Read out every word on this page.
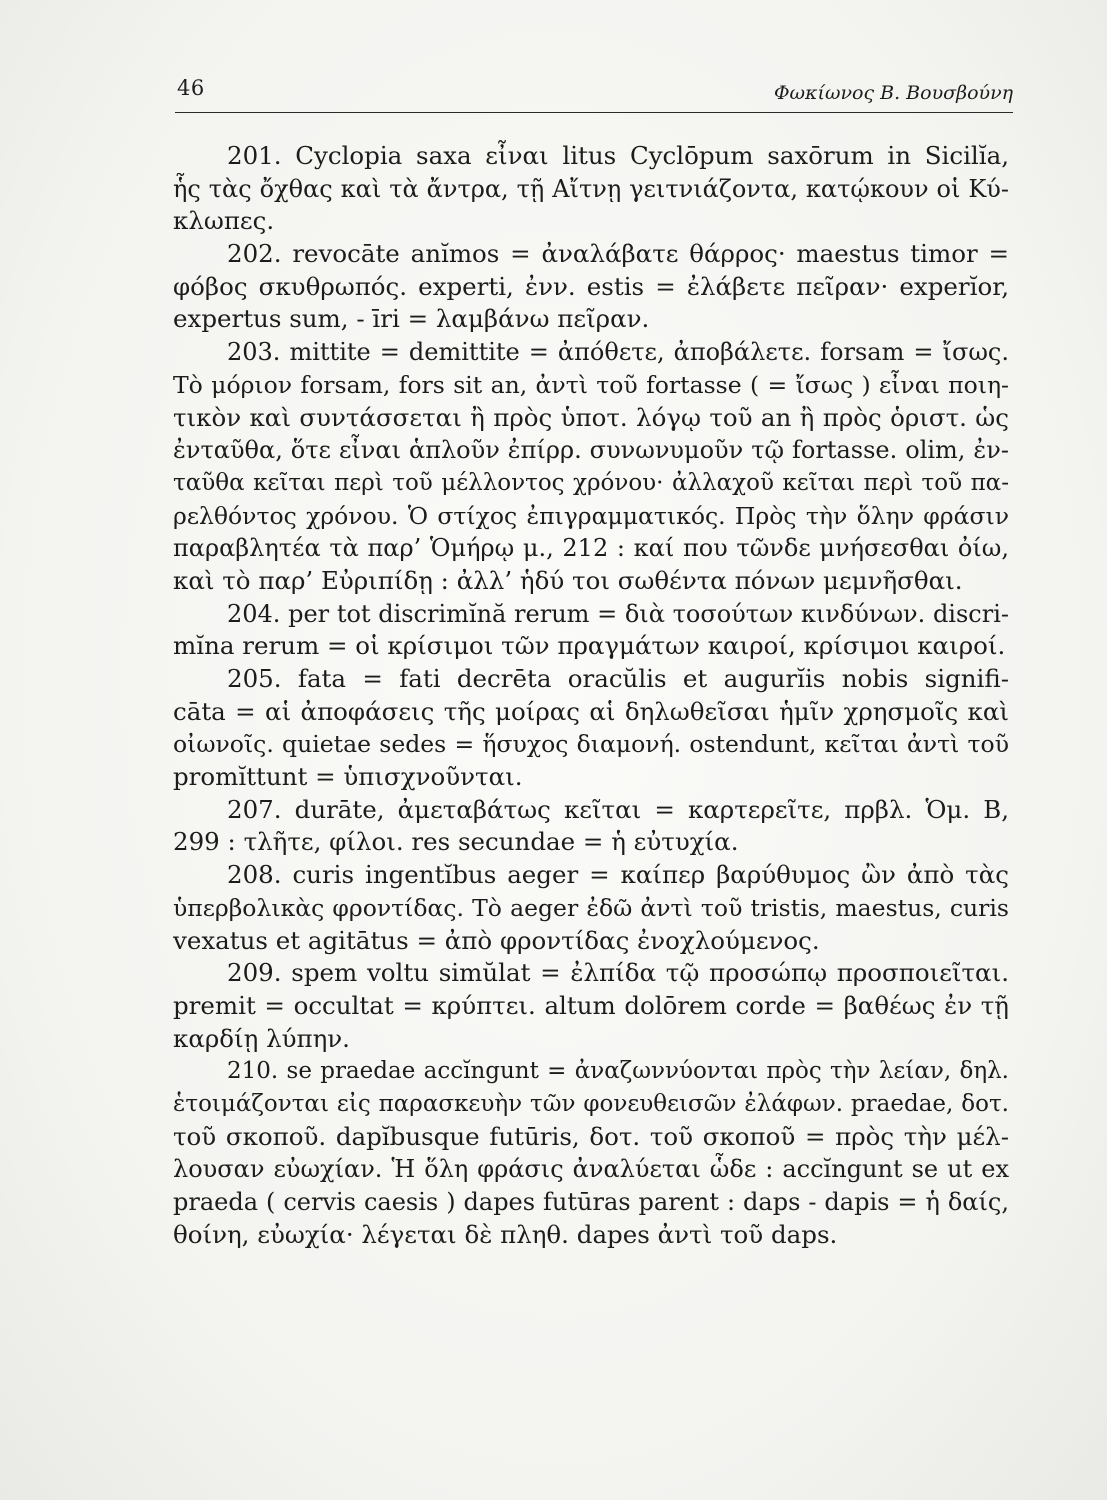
46	Φωκίωνος Β. Βουσβούνη
201. Cyclopia saxa εἶναι litus Cyclōpum saxōrum in Sicilĭa,
ἧς τὰς ὄχθας καὶ τὰ ἄντρα, τῇ Αἴτνῃ γειτνιάζοντα, κατῴκουν οἱ Κύ-
κλωπες.
202. revocāte anĭmos = ἀναλάβατε θάρρος· maestus timor =
φόβος σκυθρωπός. experti, ἐνν. estis = ἐλάβετε πεῖραν· experĭor,
expertus sum, - īri = λαμβάνω πεῖραν.
203. mittite = demittite = ἀπόθετε, ἀποβάλετε. forsam = ἴσως.
Τὸ μόριον forsam, fors sit an, ἀντὶ τοῦ fortasse ( = ἴσως ) εἶναι ποιη-
τικὸν καὶ συντάσσεται ἢ πρὸς ὑποτ. λόγῳ τοῦ an ἢ πρὸς ὁριστ. ὡς
ἐνταῦθα, ὅτε εἶναι ἁπλοῦν ἐπίρρ. συνωνυμοῦν τῷ fortasse. olim, ἐν-
ταῦθα κεῖται περὶ τοῦ μέλλοντος χρόνου· ἀλλαχοῦ κεῖται περὶ τοῦ πα-
ρελθόντος χρόνου. Ὁ στίχος ἐπιγραμματικός. Πρὸς τὴν ὅλην φράσιν
παραβλητέα τὰ παρ’ Ὁμήρῳ μ., 212 : καί που τῶνδε μνήσεσθαι ὀίω,
καὶ τὸ παρ’ Εὐριπίδῃ : ἀλλ’ ἡδύ τοι σωθέντα πόνων μεμνῆσθαι.
204. per tot discrimĭnă rerum = διὰ τοσούτων κινδύνων. discri-
mĭna rerum = οἱ κρίσιμοι τῶν πραγμάτων καιροί, κρίσιμοι καιροί.
205. fata = fati decrēta oracŭlis et augurĭis nobis signifi-
cāta = αἱ ἀποφάσεις τῆς μοίρας αἱ δηλωθεῖσαι ἡμῖν χρησμοῖς καὶ
οἰωνοῖς. quietae sedes = ἥσυχος διαμονή. ostendunt, κεῖται ἀντὶ τοῦ
promĭttunt = ὑπισχνοῦνται.
207. durāte, ἀμεταβάτως κεῖται = καρτερεῖτε, πρβλ. Ὁμ. Β,
299 : τλῆτε, φίλοι. res secundae = ἡ εὐτυχία.
208. curis ingentĭbus aeger = καίπερ βαρύθυμος ὢν ἀπὸ τὰς
ὑπερβολικὰς φροντίδας. Τὸ aeger ἐδῶ ἀντὶ τοῦ tristis, maestus, curis
vexatus et agitātus = ἀπὸ φροντίδας ἐνοχλούμενος.
209. spem voltu simŭlat = ἐλπίδα τῷ προσώπῳ προσποιεῖται.
premit = occultat = κρύπτει. altum dolōrem corde = βαθέως ἐν τῇ
καρδίῃ λύπην.
210. se praedae accĭngunt = ἀναζωννύονται πρὸς τὴν λείαν, δηλ.
ἑτοιμάζονται εἰς παρασκευὴν τῶν φονευθεισῶν ἐλάφων. praedae, δοτ.
τοῦ σκοποῦ. dapĭbusque futūris, δοτ. τοῦ σκοποῦ = πρὸς τὴν μέλ-
λουσαν εὐωχίαν. Ἡ ὅλη φράσις ἀναλύεται ὧδε : accĭngunt se ut ex
praeda ( cervis caesis ) dapes futūras parent : daps - dapis = ἡ δαίς,
θοίνη, εὐωχία· λέγεται δὲ πληθ. dapes ἀντὶ τοῦ daps.
